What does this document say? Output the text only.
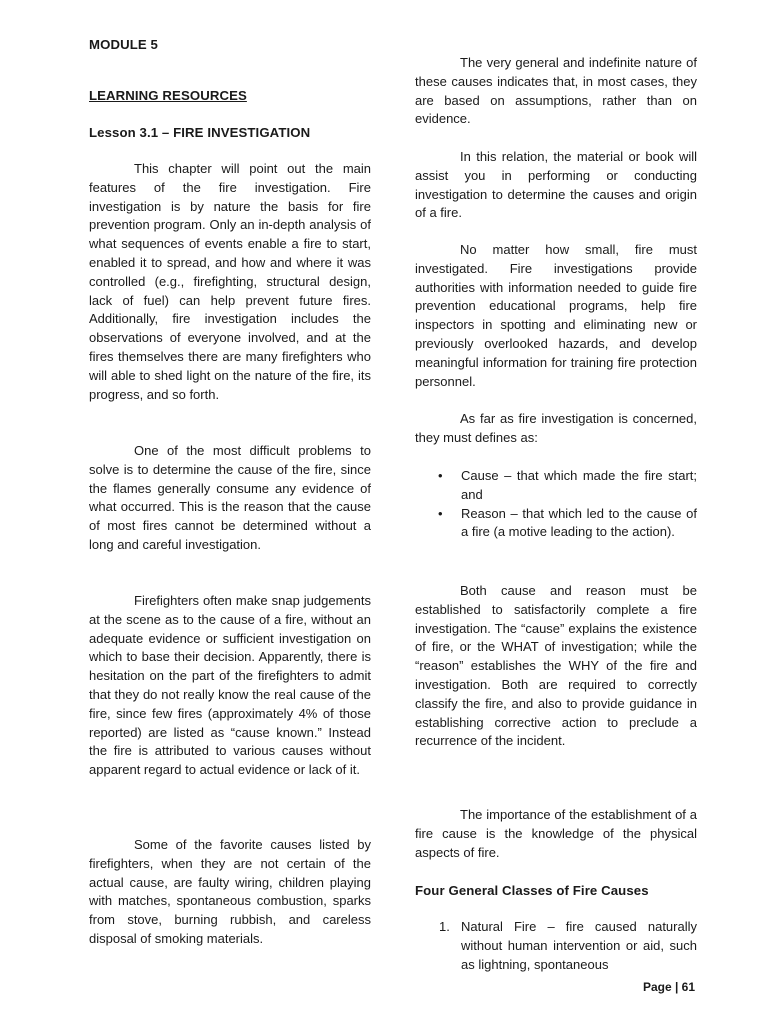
MODULE 5
LEARNING RESOURCES
Lesson 3.1 – FIRE INVESTIGATION

This chapter will point out the main features of the fire investigation. Fire investigation is by nature the basis for fire prevention program. Only an in-depth analysis of what sequences of events enable a fire to start, enabled it to spread, and how and where it was controlled (e.g., firefighting, structural design, lack of fuel) can help prevent future fires. Additionally, fire investigation includes the observations of everyone involved, and at the fires themselves there are many firefighters who will able to shed light on the nature of the fire, its progress, and so forth.

One of the most difficult problems to solve is to determine the cause of the fire, since the flames generally consume any evidence of what occurred. This is the reason that the cause of most fires cannot be determined without a long and careful investigation.

Firefighters often make snap judgements at the scene as to the cause of a fire, without an adequate evidence or sufficient investigation on which to base their decision. Apparently, there is hesitation on the part of the firefighters to admit that they do not really know the real cause of the fire, since few fires (approximately 4% of those reported) are listed as “cause known.” Instead the fire is attributed to various causes without apparent regard to actual evidence or lack of it.

Some of the favorite causes listed by firefighters, when they are not certain of the actual cause, are faulty wiring, children playing with matches, spontaneous combustion, sparks from stove, burning rubbish, and careless disposal of smoking materials.

The very general and indefinite nature of these causes indicates that, in most cases, they are based on assumptions, rather than on evidence.

In this relation, the material or book will assist you in performing or conducting investigation to determine the causes and origin of a fire.

No matter how small, fire must investigated. Fire investigations provide authorities with information needed to guide fire prevention educational programs, help fire inspectors in spotting and eliminating new or previously overlooked hazards, and develop meaningful information for training fire protection personnel.

As far as fire investigation is concerned, they must defines as:

• Cause – that which made the fire start; and
• Reason – that which led to the cause of a fire (a motive leading to the action).

Both cause and reason must be established to satisfactorily complete a fire investigation. The “cause” explains the existence of fire, or the WHAT of investigation; while the “reason” establishes the WHY of the fire and investigation. Both are required to correctly classify the fire, and also to provide guidance in establishing corrective action to preclude a recurrence of the incident.

The importance of the establishment of a fire cause is the knowledge of the physical aspects of fire.

Four General Classes of Fire Causes
1. Natural Fire – fire caused naturally without human intervention or aid, such as lightning, spontaneous
Page | 61
